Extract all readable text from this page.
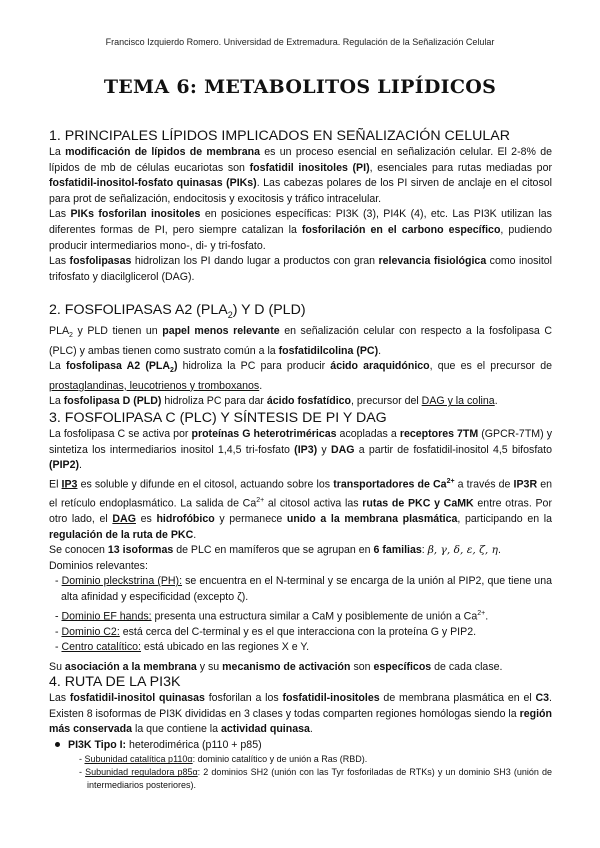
Francisco Izquierdo Romero. Universidad de Extremadura. Regulación de la Señalización Celular
TEMA 6: METABOLITOS LIPÍDICOS
1. PRINCIPALES LÍPIDOS IMPLICADOS EN SEÑALIZACIÓN CELULAR

La modificación de lípidos de membrana es un proceso esencial en señalización celular. El 2-8% de lípidos de mb de células eucariotas son fosfatidil inositoles (PI), esenciales para rutas mediadas por fosfatidil-inositol-fosfato quinasas (PIKs). Las cabezas polares de los PI sirven de anclaje en el citosol para prot de señalización, endocitosis y exocitosis y tráfico intracelular.

Las PIKs fosforilan inositoles en posiciones específicas: PI3K (3), PI4K (4), etc. Las PI3K utilizan las diferentes formas de PI, pero siempre catalizan la fosforilación en el carbono específico, pudiendo producir intermediarios mono-, di- y tri-fosfato.

Las fosfolipasas hidrolizan los PI dando lugar a productos con gran relevancia fisiológica como inositol trifosfato y diacilglicerol (DAG).

2. FOSFOLIPASAS A2 $(PLA_2)$ Y D (PLD)

$PLA_2$ y PLD tienen un papel menos relevante en señalización celular con respecto a la fosfolipasa C (PLC) y ambas tienen como sustrato común a la fosfatidilcolina (PC).

La fosfolipasa A2 $(PLA_2)$ hidroliza la PC para producir ácido araquidónico, que es el precursor de prostaglandinas, leucotrienos y tromboxanos.

La fosfolipasa D (PLD) hidroliza PC para dar ácido fosfatídico, precursor del DAG y la colina.

3. FOSFOLIPASA C (PLC) Y SÍNTESIS DE PI Y DAG

La fosfolipasa C se activa por proteínas G heterotriméricas acopladas a receptores 7TM (GPCR-7TM) y sintetiza los intermediarios inositol 1,4,5 tri-fosfato (IP3) y DAG a partir de fosfatidil-inositol 4,5 bifosfato (PIP2).

El IP3 es soluble y difunde en el citosol, actuando sobre los transportadores de $Ca^{2+}$ a través de IP3R en el retículo endoplasmático. La salida de $Ca^{2+}$ al citosol activa las rutas de PKC y CaMK entre otras. Por otro lado, el DAG es hidrofóbico y permanece unido a la membrana plasmática, participando en la regulación de la ruta de PKC.

Se conocen 13 isoformas de PLC en mamíferos que se agrupan en 6 familias: β, γ, δ, ε, ζ, η.

Dominios relevantes:

- Dominio pleckstrina (PH): se encuentra en el N-terminal y se encarga de la unión al PIP2, que tiene una alta afinidad y especificidad (excepto ζ).
- Dominio EF hands: presenta una estructura similar a CaM y posiblemente de unión a $Ca^{2+}$.
- Dominio C2: está cerca del C-terminal y es el que interacciona con la proteína G y PIP2.
- Centro catalítico: está ubicado en las regiones X e Y.

Su asociación a la membrana y su mecanismo de activación son específicos de cada clase.

4. RUTA DE LA PI3K

Las fosfatidil-inositol quinasas fosforilan a los fosfatidil-inositoles de membrana plasmática en el C3. Existen 8 isoformas de PI3K divididas en 3 clases y todas comparten regiones homólogas siendo la región más conservada la que contiene la actividad quinasa.

PI3K Tipo I: heterodimérica (p110 + p85)
- Subunidad catalítica p110α: dominio catalítico y de unión a Ras (RBD).
- Subunidad reguladora p85α: 2 dominios SH2 (unión con las Tyr fosforiladas de RTKs) y un dominio SH3 (unión de intermediarios posteriores).
